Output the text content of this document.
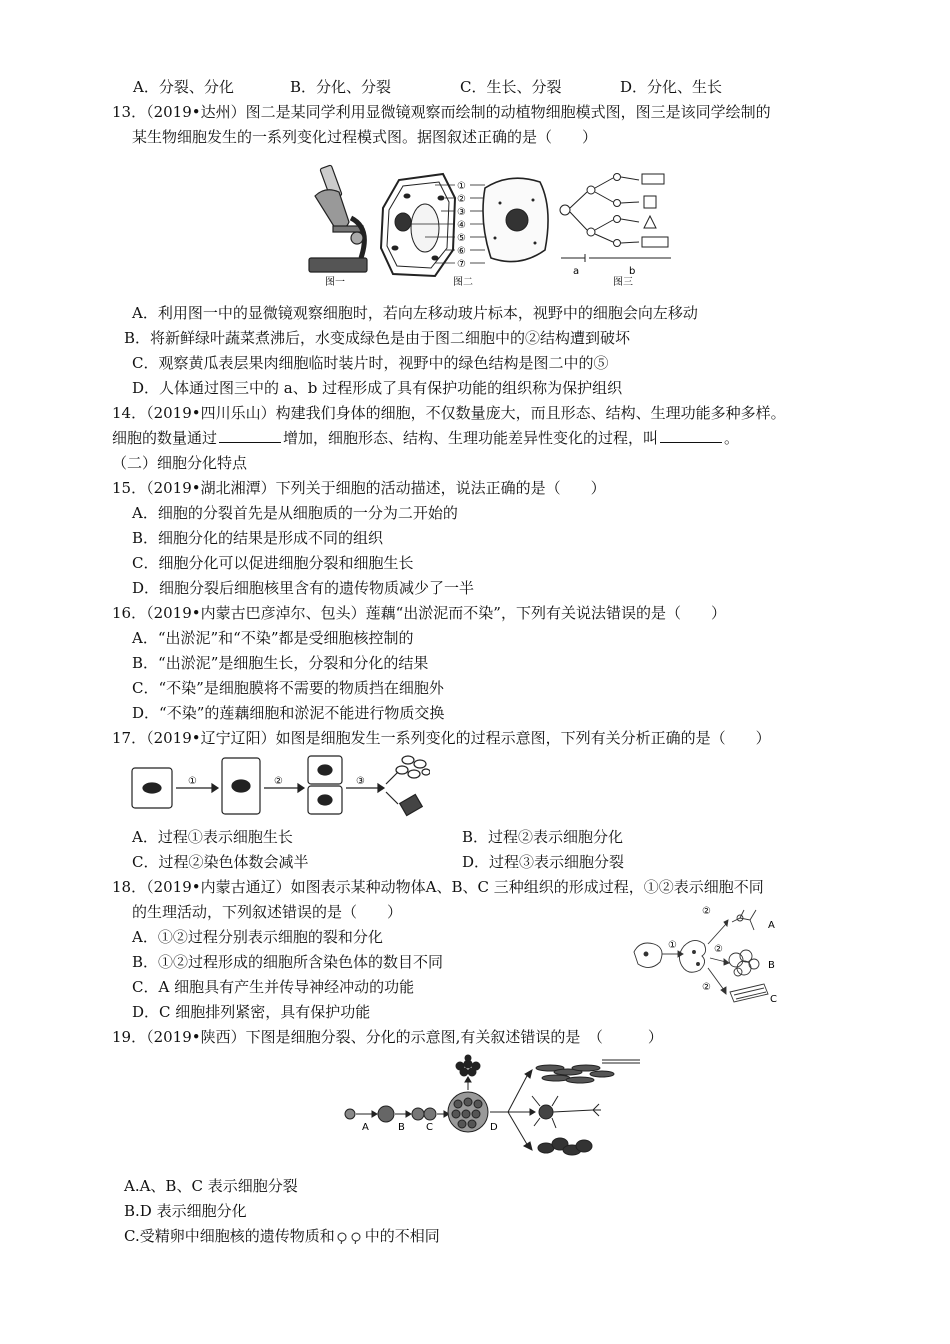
A．分裂、分化	B．分化、分裂	C．生长、分裂	D．分化、生长
13．（2019•达州）图二是某同学利用显微镜观察而绘制的动植物细胞模式图，图三是该同学绘制的
某生物细胞发生的一系列变化过程模式图。据图叙述正确的是（　　）
图一
①
②
③
④
⑤
⑥
⑦
图二
a	b
图三
A．利用图一中的显微镜观察细胞时，若向左移动玻片标本，视野中的细胞会向左移动
B．将新鲜绿叶蔬菜煮沸后，水变成绿色是由于图二细胞中的②结构遭到破坏
C．观察黄瓜表层果肉细胞临时装片时，视野中的绿色结构是图二中的⑤
D．人体通过图三中的 a、b 过程形成了具有保护功能的组织称为保护组织
14．（2019•四川乐山）构建我们身体的细胞，不仅数量庞大，而且形态、结构、生理功能多种多样。
细胞的数量通过	增加，细胞形态、结构、生理功能差异性变化的过程，叫	。
（二）细胞分化特点
15．（2019•湖北湘潭）下列关于细胞的活动描述，说法正确的是（　　）
A．细胞的分裂首先是从细胞质的一分为二开始的
B．细胞分化的结果是形成不同的组织
C．细胞分化可以促进细胞分裂和细胞生长
D．细胞分裂后细胞核里含有的遗传物质减少了一半
16．（2019•内蒙古巴彦淖尔、包头）莲藕“出淤泥而不染”，下列有关说法错误的是（　　）
A．“出淤泥”和“不染”都是受细胞核控制的
B．“出淤泥”是细胞生长，分裂和分化的结果
C．“不染”是细胞膜将不需要的物质挡在细胞外
D．“不染”的莲藕细胞和淤泥不能进行物质交换
17．（2019•辽宁辽阳）如图是细胞发生一系列变化的过程示意图，下列有关分析正确的是（　　）
①	②	③
A．过程①表示细胞生长	B．过程②表示细胞分化
C．过程②染色体数会减半	D．过程③表示细胞分裂
18．（2019•内蒙古通辽）如图表示某种动物体A、B、C 三种组织的形成过程，①②表示细胞不同
的生理活动，下列叙述错误的是（　　）
A．①②过程分别表示细胞的裂和分化
B．①②过程形成的细胞所含染色体的数目不同
C．A 细胞具有产生并传导神经冲动的功能
D．C 细胞排列紧密，具有保护功能
①
②
②
②
A
B
C
19．（2019•陕西）下图是细胞分裂、分化的示意图,有关叙述错误的是　（　　　）
A	B C	D
A.A、B、C 表示细胞分裂
B.D 表示细胞分化
C.受精卵中细胞核的遗传物质和 中的不相同
